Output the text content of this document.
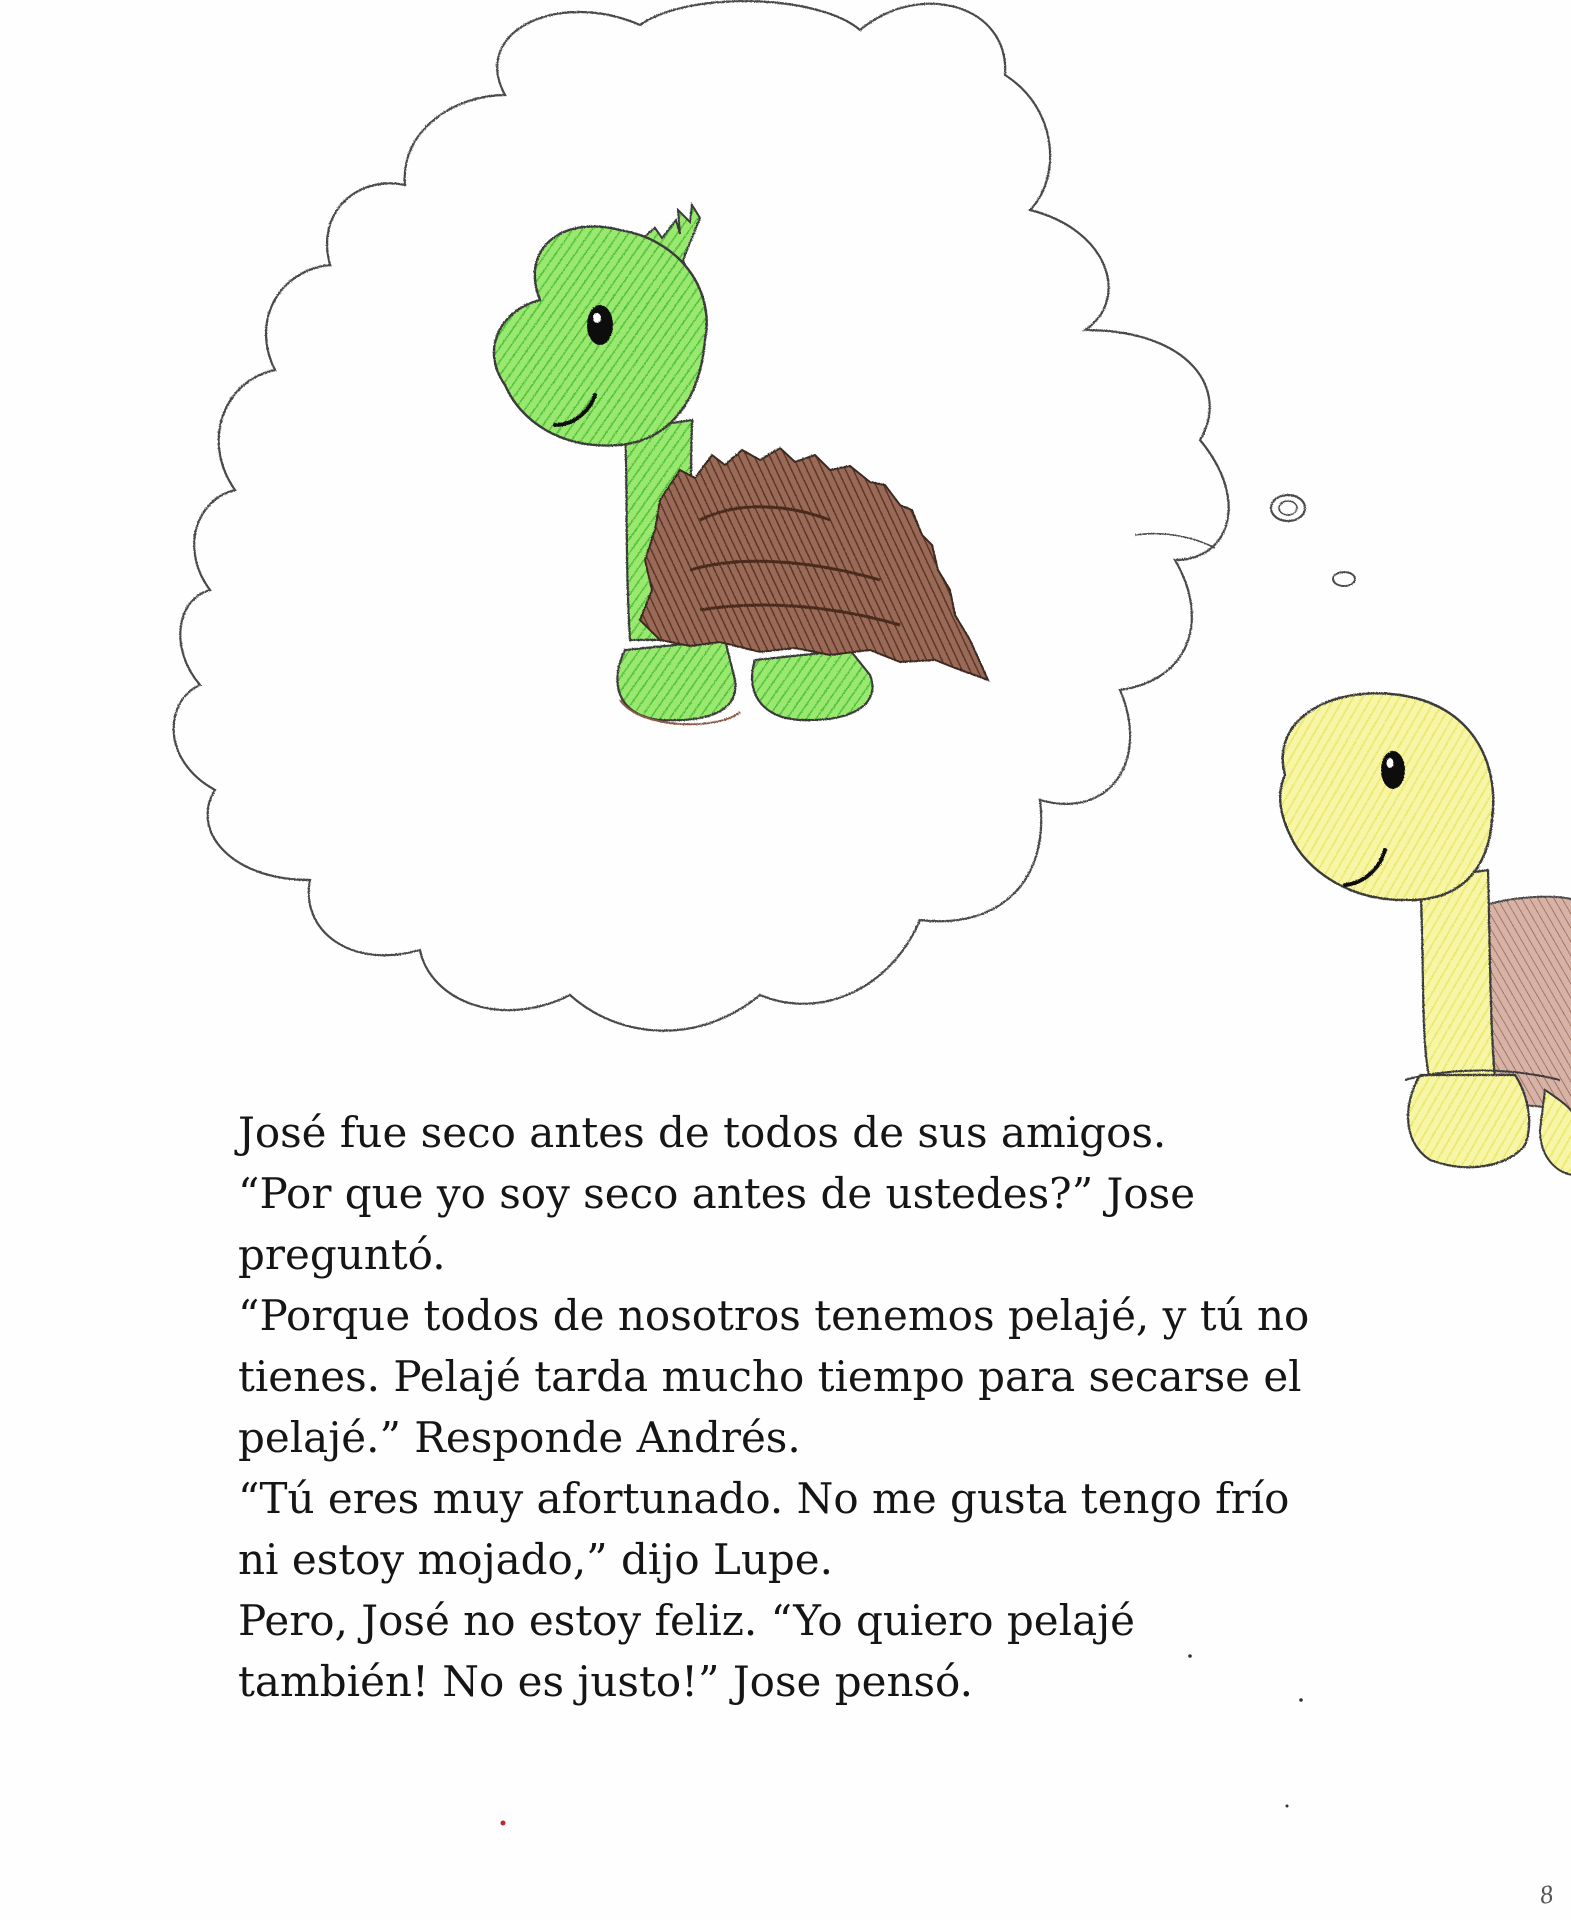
José fue seco antes de todos de sus amigos.
“Por que yo soy seco antes de ustedes?” Jose
preguntó.
“Porque todos de nosotros tenemos pelajé, y tú no
tienes. Pelajé tarda mucho tiempo para secarse el
pelajé.” Responde Andrés.
“Tú eres muy afortunado. No me gusta tengo frío
ni estoy mojado,” dijo Lupe.
Pero, José no estoy feliz. “Yo quiero pelajé
también! No es justo!” Jose pensó.
8
